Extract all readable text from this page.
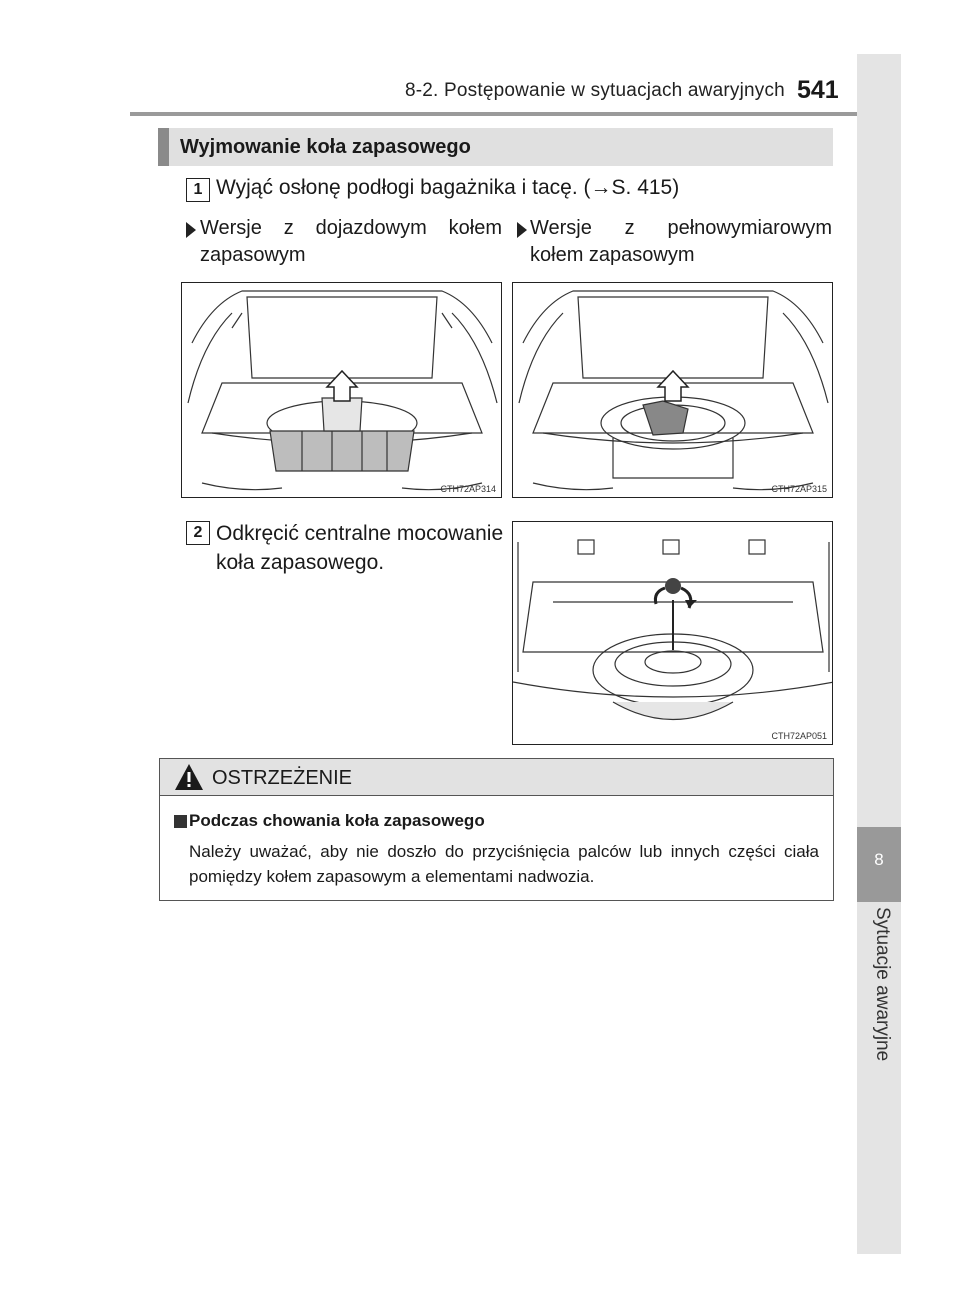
8-2. Postępowanie w sytuacjach awaryjnych 541
8
Sytuacje awaryjne
Wyjmowanie koła zapasowego
1 Wyjąć osłonę podłogi bagażnika i tacę. (→S. 415)
Wersje z dojazdowym kołem zapasowym
Wersje z pełnowymiarowym kołem zapasowym
CTH72AP314	CTH72AP315
2 Odkręcić centralne mocowanie koła zapasowego.
CTH72AP051
OSTRZEŻENIE
Podczas chowania koła zapasowego
Należy uważać, aby nie doszło do przyciśnięcia palców lub innych części ciała pomiędzy kołem zapasowym a elementami nadwozia.
